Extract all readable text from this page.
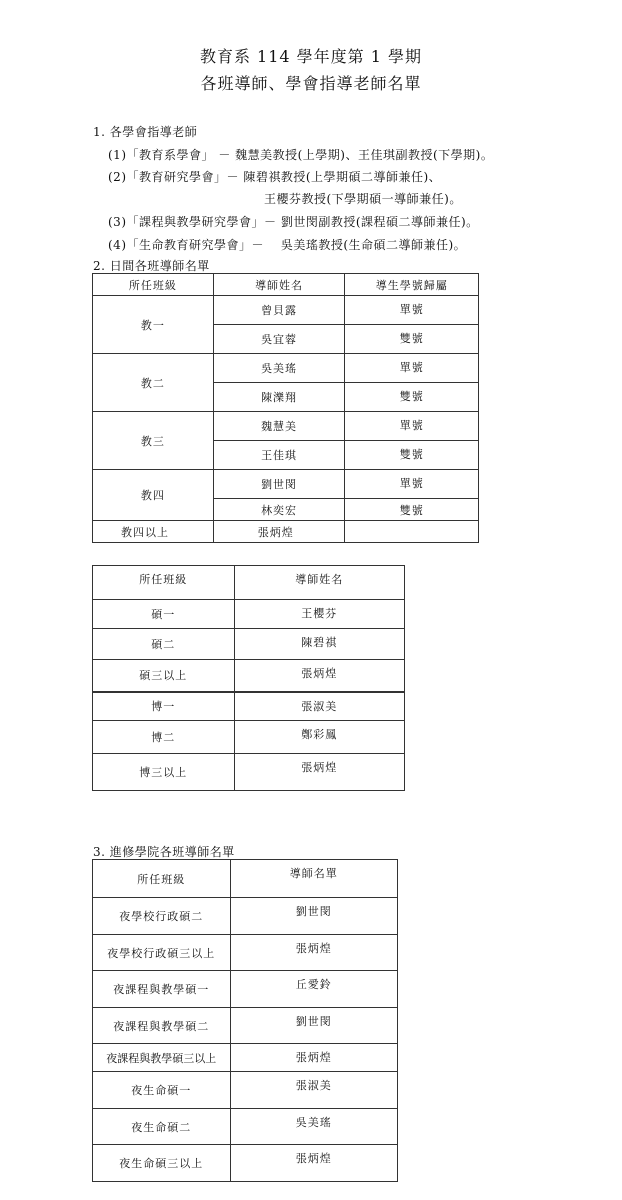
教育系 114 學年度第 1 學期
各班導師、學會指導老師名單
1. 各學會指導老師
(1)「教育系學會」 － 魏慧美教授(上學期)、王佳琪副教授(下學期)。
(2)「教育研究學會」－ 陳碧祺教授(上學期碩二導師兼任)、
王櫻芬教授(下學期碩一導師兼任)。
(3)「課程與教學研究學會」－ 劉世閔副教授(課程碩二導師兼任)。
(4)「生命教育研究學會」－　 吳美瑤教授(生命碩二導師兼任)。
2. 日間各班導師名單
所任班級	導師姓名	導生學號歸屬
教一	曾貝露	單號
	吳宜蓉	雙號
教二	吳美瑤	單號
	陳濼翔	雙號
教三	魏慧美	單號
	王佳琪	雙號
教四	劉世閔	單號
	林奕宏	雙號
教四以上	張炳煌	
所任班級	導師姓名
碩一	王櫻芬
碩二	陳碧祺
碩三以上	張炳煌
博一	張淑美
博二	鄭彩鳳
博三以上	張炳煌
3. 進修學院各班導師名單
所任班級	導師名單
夜學校行政碩二	劉世閔
夜學校行政碩三以上	張炳煌
夜課程與教學碩一	丘愛鈴
夜課程與教學碩二	劉世閔
夜課程與教學碩三以上	張炳煌
夜生命碩一	張淑美
夜生命碩二	吳美瑤
夜生命碩三以上	張炳煌
